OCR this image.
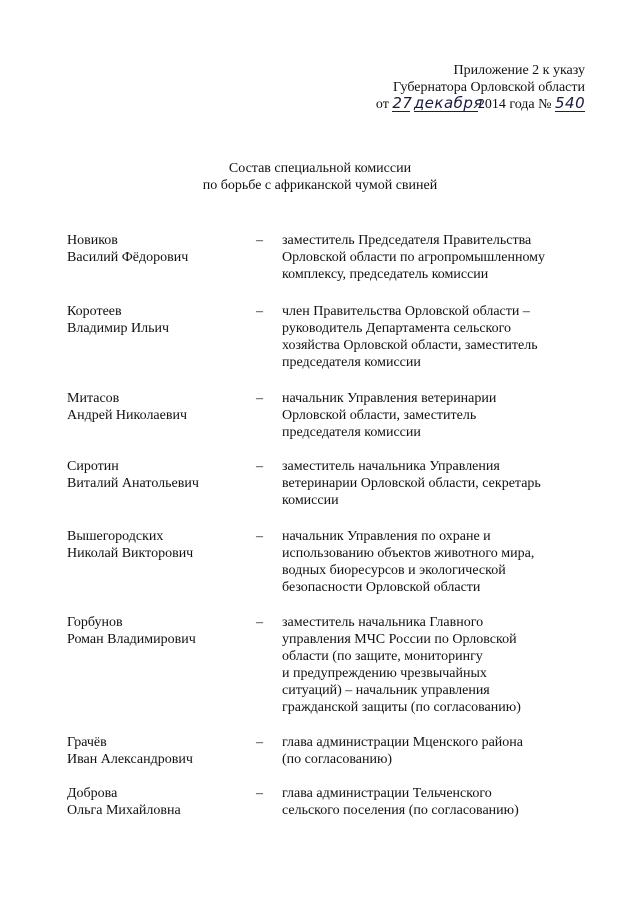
Приложение 2 к указу
Губернатора Орловской области
от 27 декабря2014 года № 540
Состав специальной комиссии
по борьбе с африканской чумой свиней
Новиков
Василий Фёдорович
– заместитель Председателя Правительства
Орловской области по агропромышленному
комплексу, председатель комиссии
Коротеев
Владимир Ильич
– член Правительства Орловской области –
руководитель Департамента сельского
хозяйства Орловской области, заместитель
председателя комиссии
Митасов
Андрей Николаевич
– начальник Управления ветеринарии
Орловской области, заместитель
председателя комиссии
Сиротин
Виталий Анатольевич
– заместитель начальника Управления
ветеринарии Орловской области, секретарь
комиссии
Вышегородских
Николай Викторович
– начальник Управления по охране и
использованию объектов животного мира,
водных биоресурсов и экологической
безопасности Орловской области
Горбунов
Роман Владимирович
– заместитель начальника Главного
управления МЧС России по Орловской
области (по защите, мониторингу
и предупреждению чрезвычайных
ситуаций) – начальник управления
гражданской защиты (по согласованию)
Грачёв
Иван Александрович
– глава администрации Мценского района
(по согласованию)
Доброва
Ольга Михайловна
– глава администрации Тельченского
сельского поселения (по согласованию)
